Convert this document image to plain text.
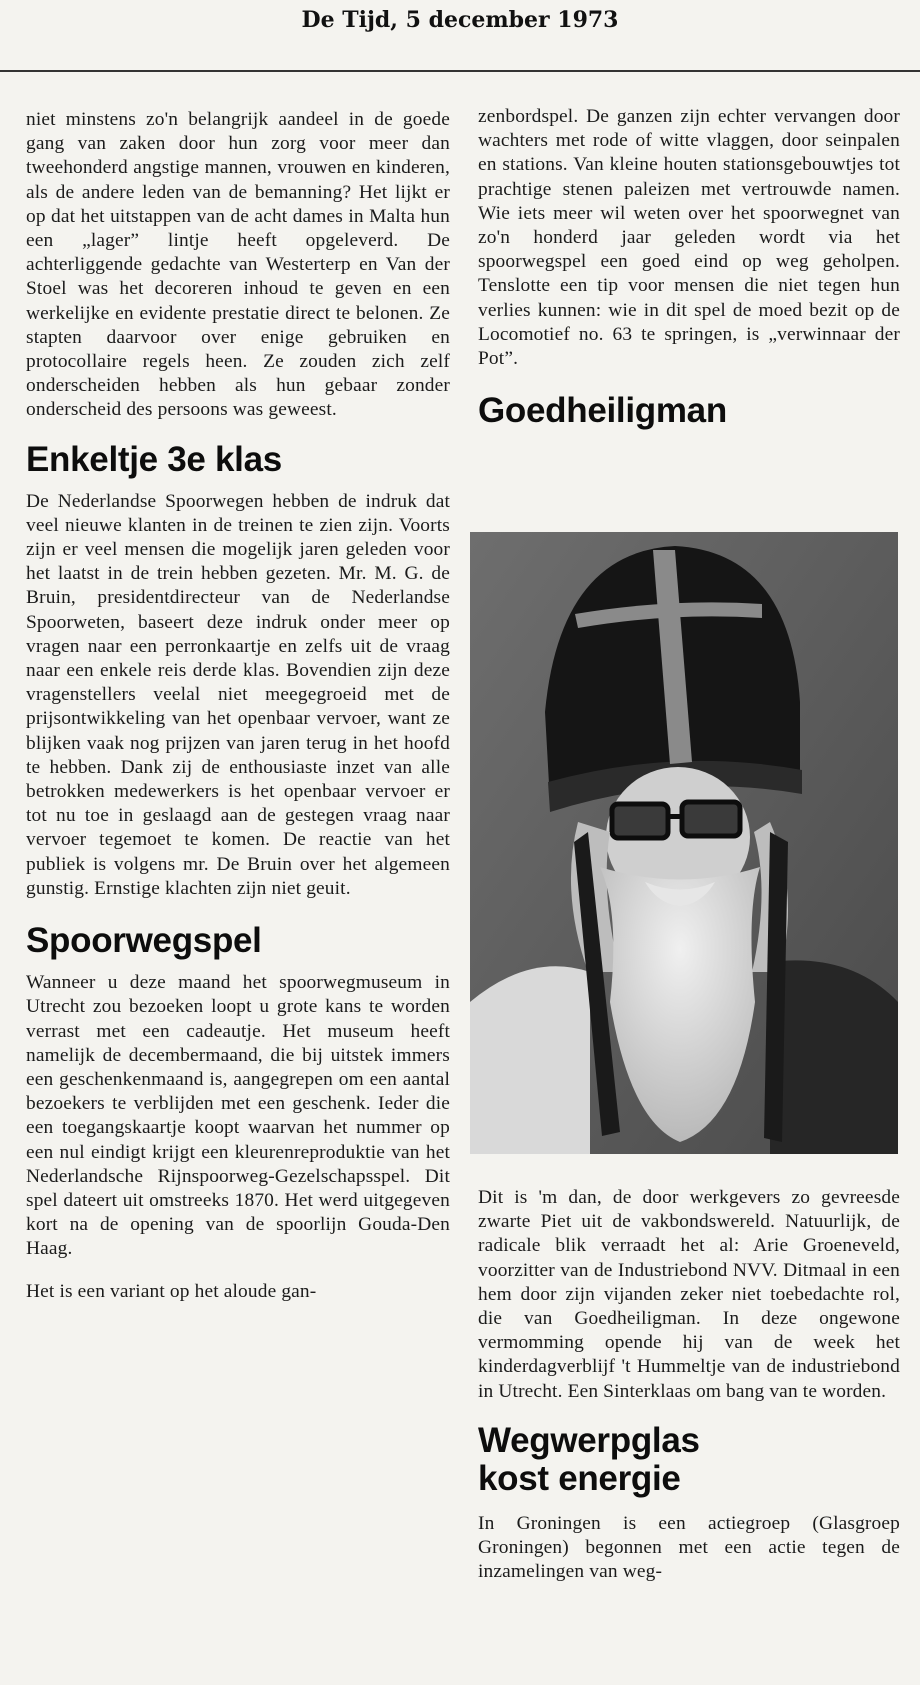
De Tijd, 5 december 1973

niet minstens zo'n belangrijk aandeel in de goede gang van zaken door hun zorg voor meer dan tweehonderd angstige mannen, vrouwen en kinderen, als de andere leden van de bemanning? Het lijkt er op dat het uitstappen van de acht dames in Malta hun een „lager” lintje heeft opgeleverd. De achterliggende gedachte van Westerterp en Van der Stoel was het decoreren inhoud te geven en een werkelijke en evidente prestatie direct te belonen. Ze stapten daarvoor over enige gebruiken en protocollaire regels heen. Ze zouden zich zelf onderscheiden hebben als hun gebaar zonder onderscheid des persoons was geweest.

Enkeltje 3e klas

De Nederlandse Spoorwegen hebben de indruk dat veel nieuwe klanten in de treinen te zien zijn. Voorts zijn er veel mensen die mogelijk jaren geleden voor het laatst in de trein hebben gezeten. Mr. M. G. de Bruin, presidentdirecteur van de Nederlandse Spoorweten, baseert deze indruk onder meer op vragen naar een perronkaartje en zelfs uit de vraag naar een enkele reis derde klas. Bovendien zijn deze vragenstellers veelal niet meegegroeid met de prijsontwikkeling van het openbaar vervoer, want ze blijken vaak nog prijzen van jaren terug in het hoofd te hebben. Dank zij de enthousiaste inzet van alle betrokken medewerkers is het openbaar vervoer er tot nu toe in geslaagd aan de gestegen vraag naar vervoer tegemoet te komen. De reactie van het publiek is volgens mr. De Bruin over het algemeen gunstig. Ernstige klachten zijn niet geuit.

Spoorwegspel

Wanneer u deze maand het spoorwegmuseum in Utrecht zou bezoeken loopt u grote kans te worden verrast met een cadeautje. Het museum heeft namelijk de decembermaand, die bij uitstek immers een geschenkenmaand is, aangegrepen om een aantal bezoekers te verblijden met een geschenk. Ieder die een toegangskaartje koopt waarvan het nummer op een nul eindigt krijgt een kleurenreproduktie van het Nederlandsche Rijnspoorweg-Gezelschapsspel. Dit spel dateert uit omstreeks 1870. Het werd uitgegeven kort na de opening van de spoorlijn Gouda-Den Haag.

Het is een variant op het aloude gan-

zenbordspel. De ganzen zijn echter vervangen door wachters met rode of witte vlaggen, door seinpalen en stations. Van kleine houten stationsgebouwtjes tot prachtige stenen paleizen met vertrouwde namen. Wie iets meer wil weten over het spoorwegnet van zo'n honderd jaar geleden wordt via het spoorwegspel een goed eind op weg geholpen. Tenslotte een tip voor mensen die niet tegen hun verlies kunnen: wie in dit spel de moed bezit op de Locomotief no. 63 te springen, is „verwinnaar der Pot”.

Goedheiligman

Dit is 'm dan, de door werkgevers zo gevreesde zwarte Piet uit de vakbondswereld. Natuurlijk, de radicale blik verraadt het al: Arie Groeneveld, voorzitter van de Industriebond NVV. Ditmaal in een hem door zijn vijanden zeker niet toebedachte rol, die van Goedheiligman. In deze ongewone vermomming opende hij van de week het kinderdagverblijf 't Hummeltje van de industriebond in Utrecht. Een Sinterklaas om bang van te worden.

Wegwerpglas kost energie

In Groningen is een actiegroep (Glasgroep Groningen) begonnen met een actie tegen de inzamelingen van weg-
